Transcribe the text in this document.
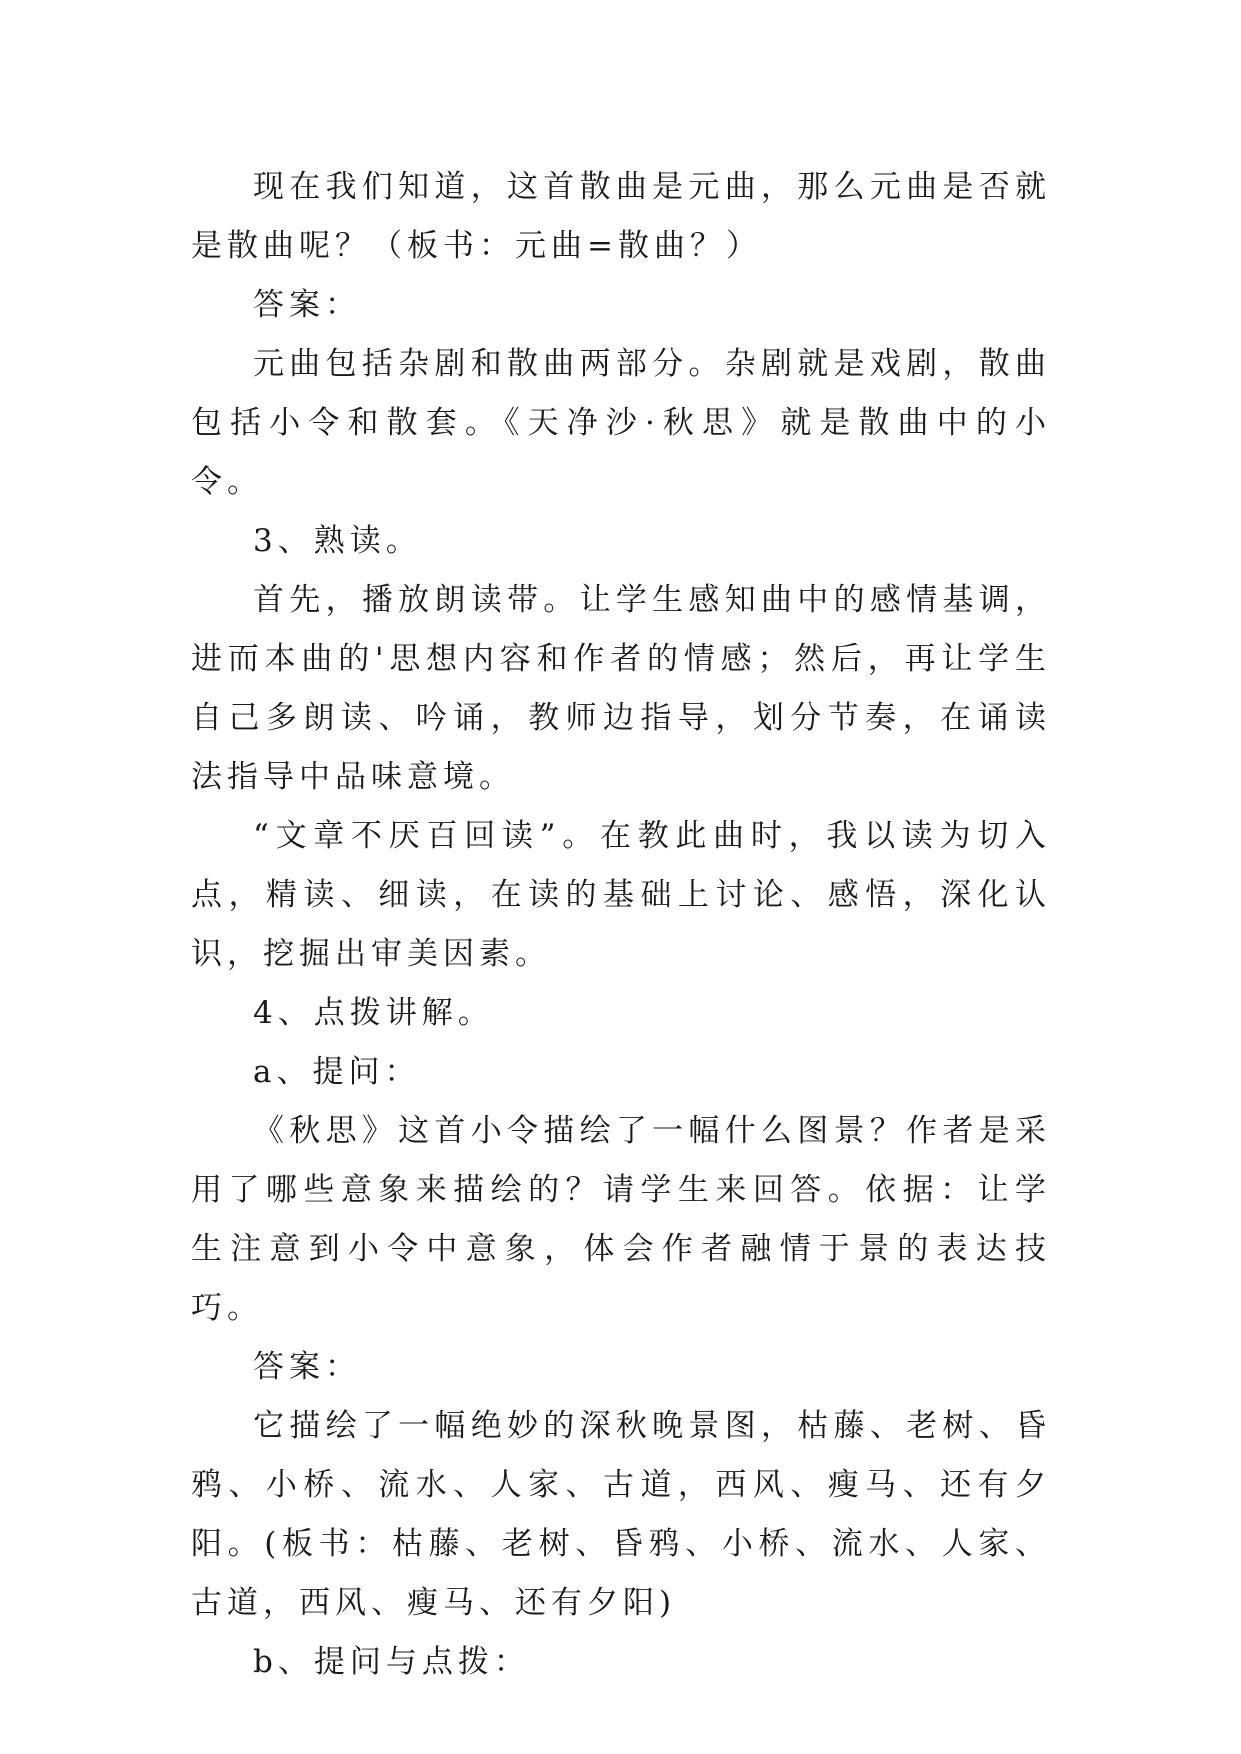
现在我们知道，这首散曲是元曲，那么元曲是否就是散曲呢？（板书：元曲=散曲？）

答案：

元曲包括杂剧和散曲两部分。杂剧就是戏剧，散曲包括小令和散套。《天净沙·秋思》就是散曲中的小令。

3、熟读。

首先，播放朗读带。让学生感知曲中的感情基调，进而本曲的'思想内容和作者的情感；然后，再让学生自己多朗读、吟诵，教师边指导，划分节奏，在诵读法指导中品味意境。

“文章不厌百回读”。在教此曲时，我以读为切入点，精读、细读，在读的基础上讨论、感悟，深化认识，挖掘出审美因素。

4、点拨讲解。

a、提问：

《秋思》这首小令描绘了一幅什么图景？作者是采用了哪些意象来描绘的？请学生来回答。依据：让学生注意到小令中意象，体会作者融情于景的表达技巧。

答案：

它描绘了一幅绝妙的深秋晚景图，枯藤、老树、昏鸦、小桥、流水、人家、古道，西风、瘦马、还有夕阳。(板书：枯藤、老树、昏鸦、小桥、流水、人家、古道，西风、瘦马、还有夕阳)

b、提问与点拨：
